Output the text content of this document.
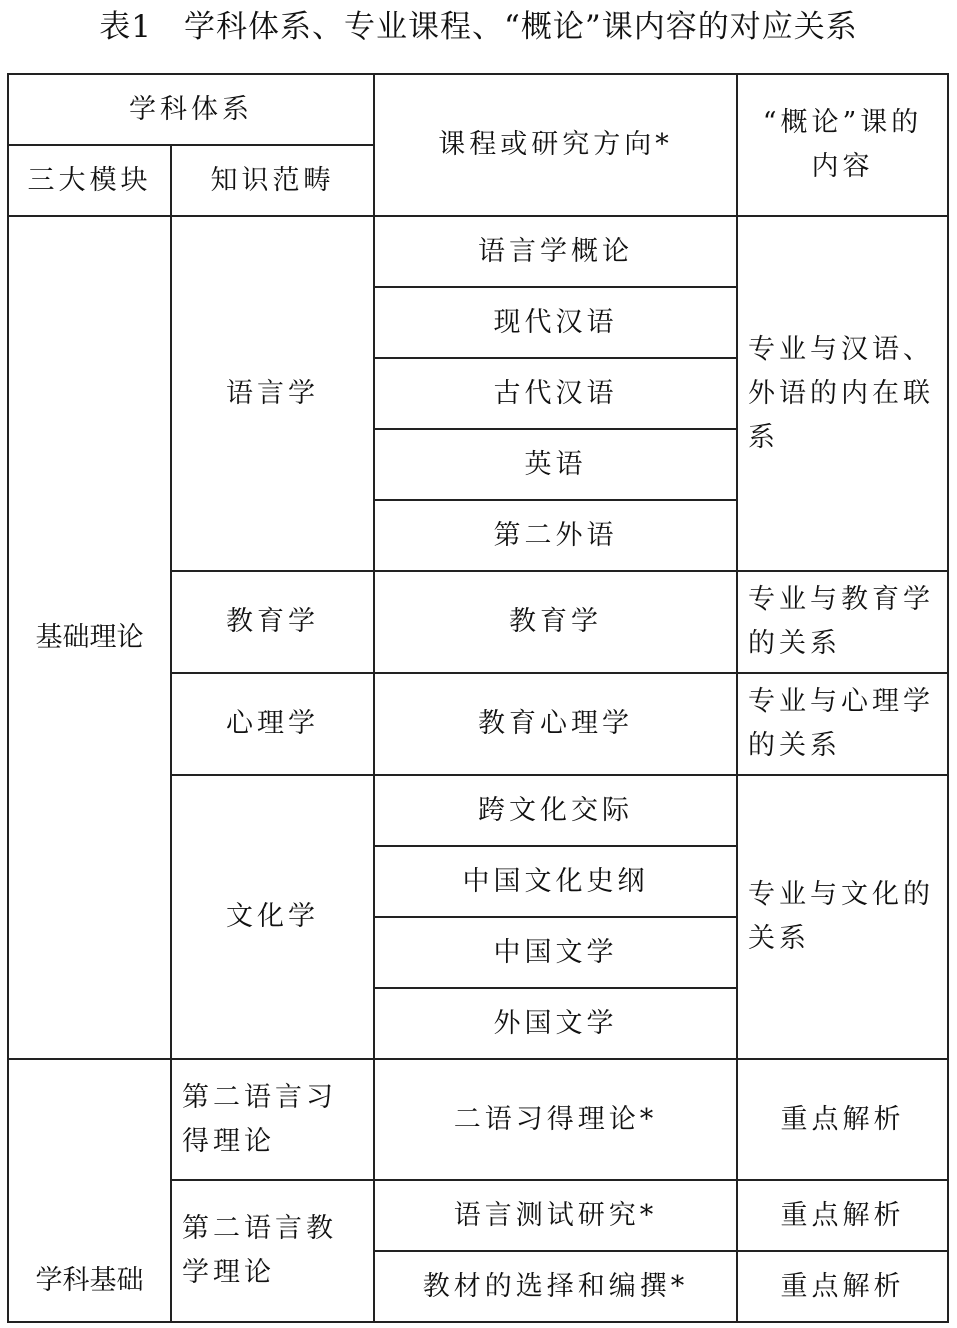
表1　学科体系、专业课程、“概论”课内容的对应关系
学科体系		课程或研究方向*	“概论”课的内容
三大模块	知识范畴		
基础理论	语言学	语言学概论	专业与汉语、外语的内在联系
		现代汉语	
		古代汉语	
		英语	
		第二外语	
	教育学	教育学	专业与教育学的关系
	心理学	教育心理学	专业与心理学的关系
	文化学	跨文化交际	专业与文化的关系
		中国文化史纲	
		中国文学	
		外国文学	
学科基础	第二语言习得理论	二语习得理论*	重点解析
	第二语言教学理论	语言测试研究*	重点解析
		教材的选择和编撰*	重点解析
